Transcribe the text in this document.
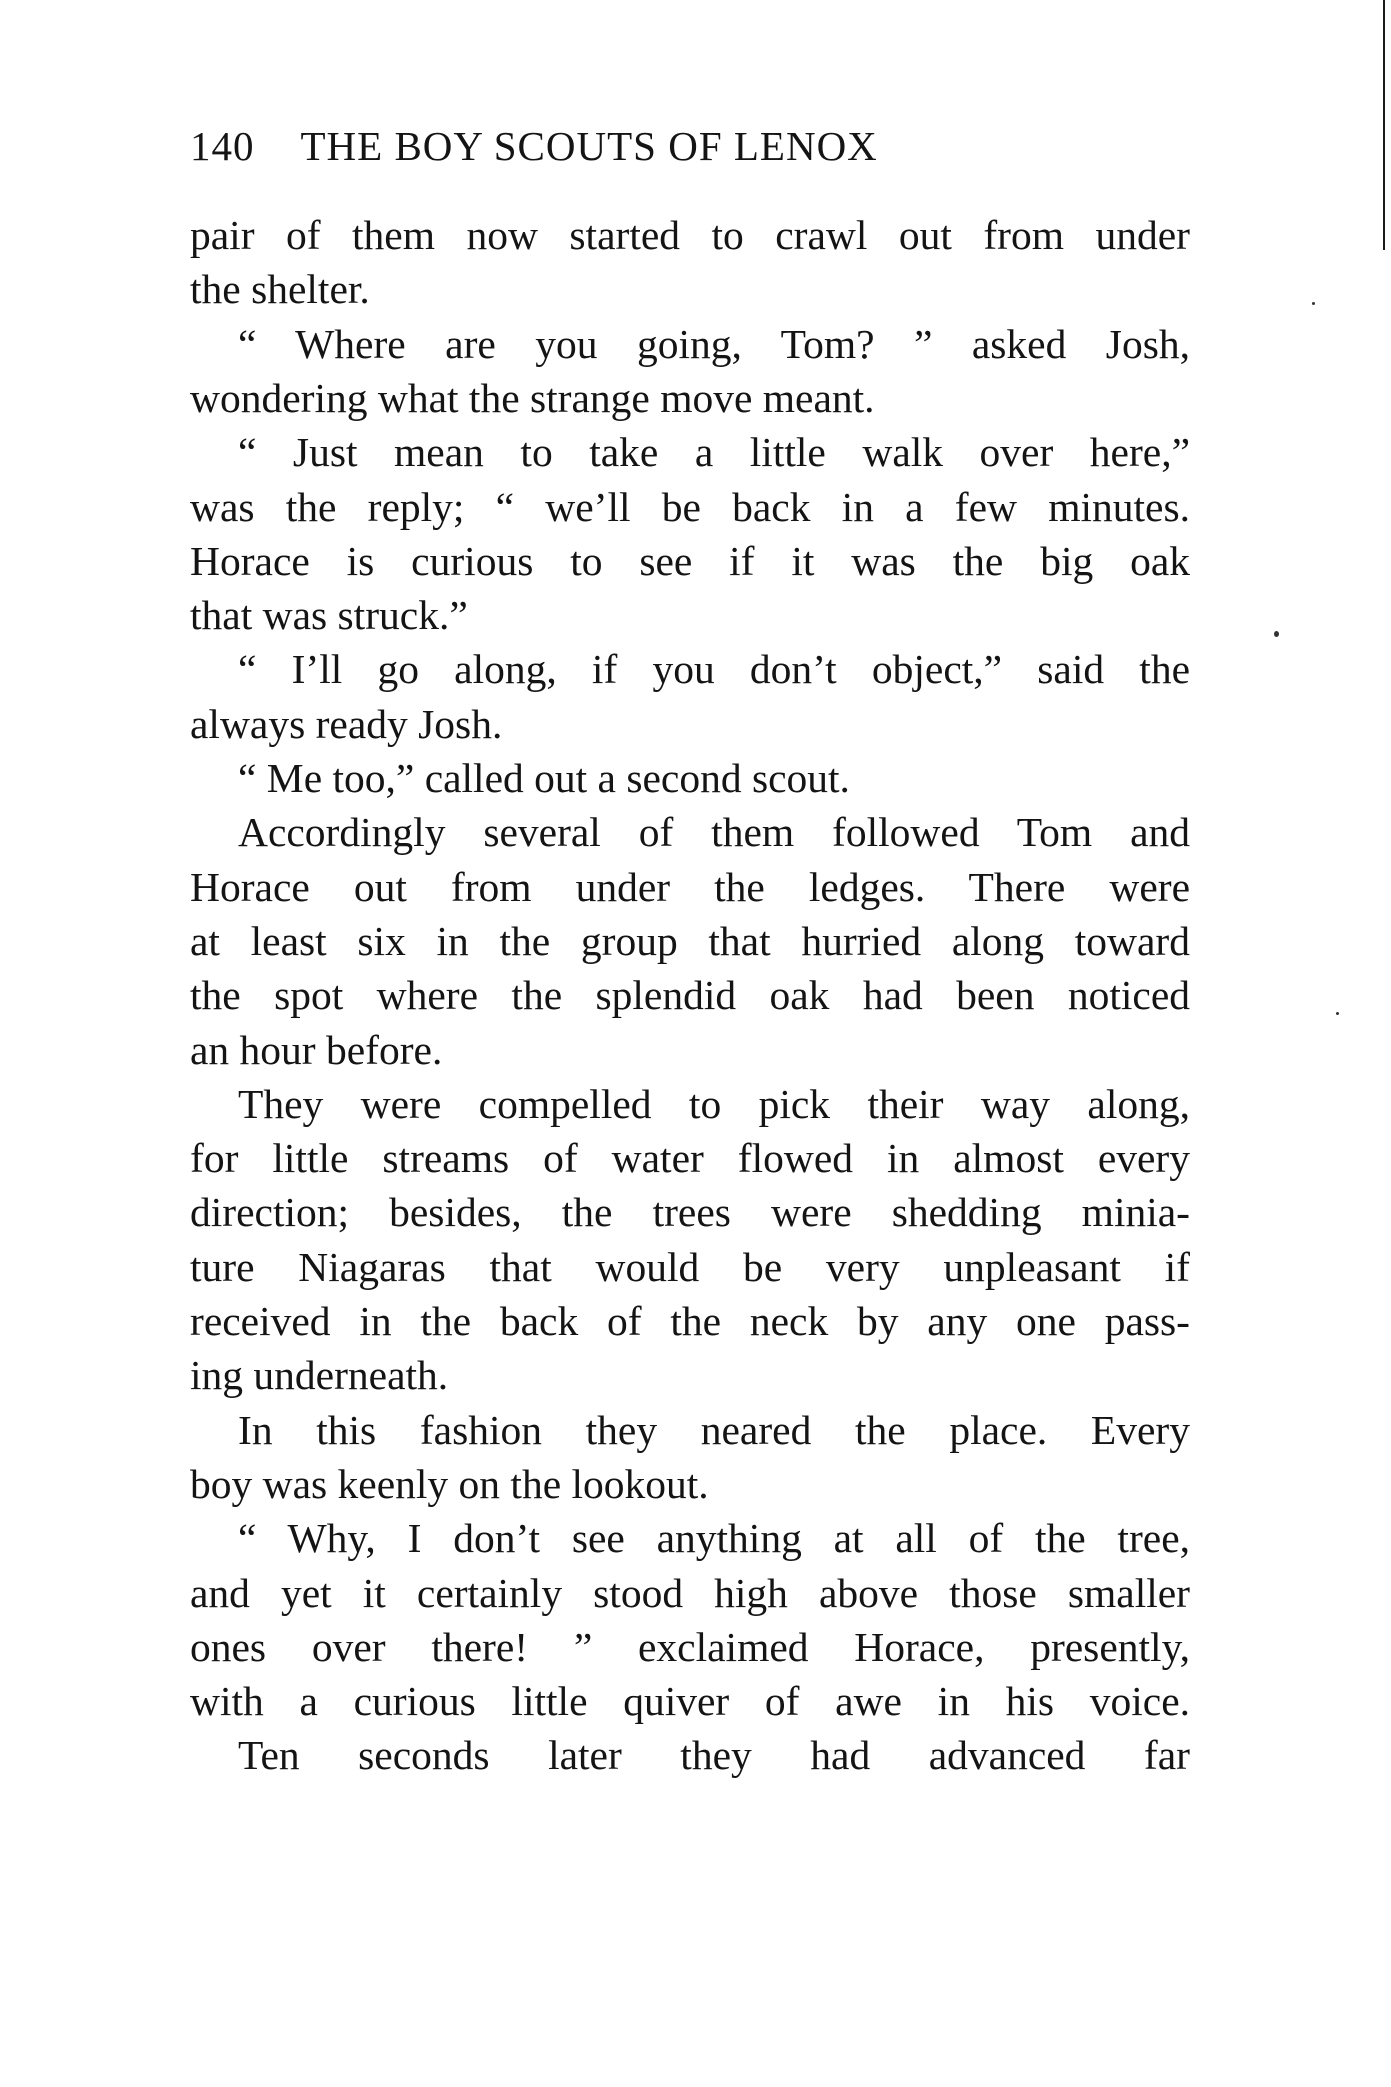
140 THE BOY SCOUTS OF LENOX
pair of them now started to crawl out from under
the shelter.
“ Where are you going, Tom? ” asked Josh,
wondering what the strange move meant.
“ Just mean to take a little walk over here,”
was the reply; “ we’ll be back in a few minutes.
Horace is curious to see if it was the big oak
that was struck.”
“ I’ll go along, if you don’t object,” said the
always ready Josh.
“ Me too,” called out a second scout.
Accordingly several of them followed Tom and
Horace out from under the ledges. There were
at least six in the group that hurried along toward
the spot where the splendid oak had been noticed
an hour before.
They were compelled to pick their way along,
for little streams of water flowed in almost every
direction; besides, the trees were shedding minia-
ture Niagaras that would be very unpleasant if
received in the back of the neck by any one pass-
ing underneath.
In this fashion they neared the place. Every
boy was keenly on the lookout.
“ Why, I don’t see anything at all of the tree,
and yet it certainly stood high above those smaller
ones over there! ” exclaimed Horace, presently,
with a curious little quiver of awe in his voice.
Ten seconds later they had advanced far
